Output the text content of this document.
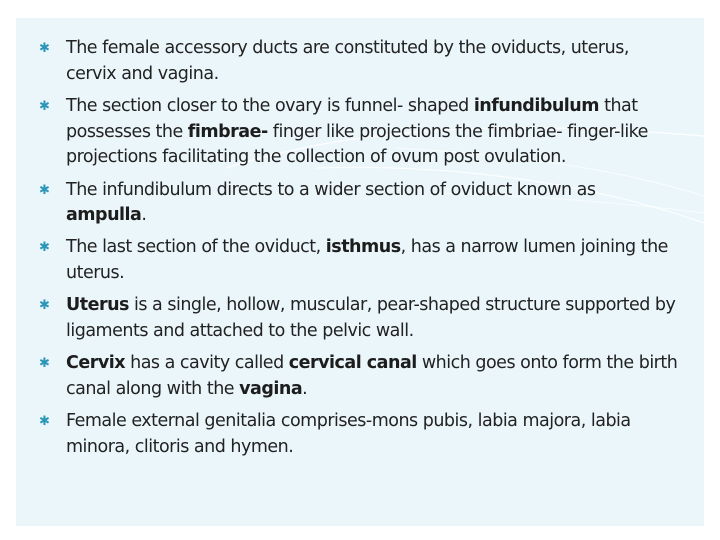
✱ The female accessory ducts are constituted by the oviducts, uterus, cervix and vagina.
✱ The section closer to the ovary is funnel- shaped infundibulum that possesses the fimbrae- finger like projections the fimbriae- finger-like projections facilitating the collection of ovum post ovulation.
✱ The infundibulum directs to a wider section of oviduct known as ampulla.
✱ The last section of the oviduct, isthmus, has a narrow lumen joining the uterus.
✱ Uterus is a single, hollow, muscular, pear-shaped structure supported by ligaments and attached to the pelvic wall.
✱ Cervix has a cavity called cervical canal which goes onto form the birth canal along with the vagina.
✱ Female external genitalia comprises-mons pubis, labia majora, labia minora, clitoris and hymen.
